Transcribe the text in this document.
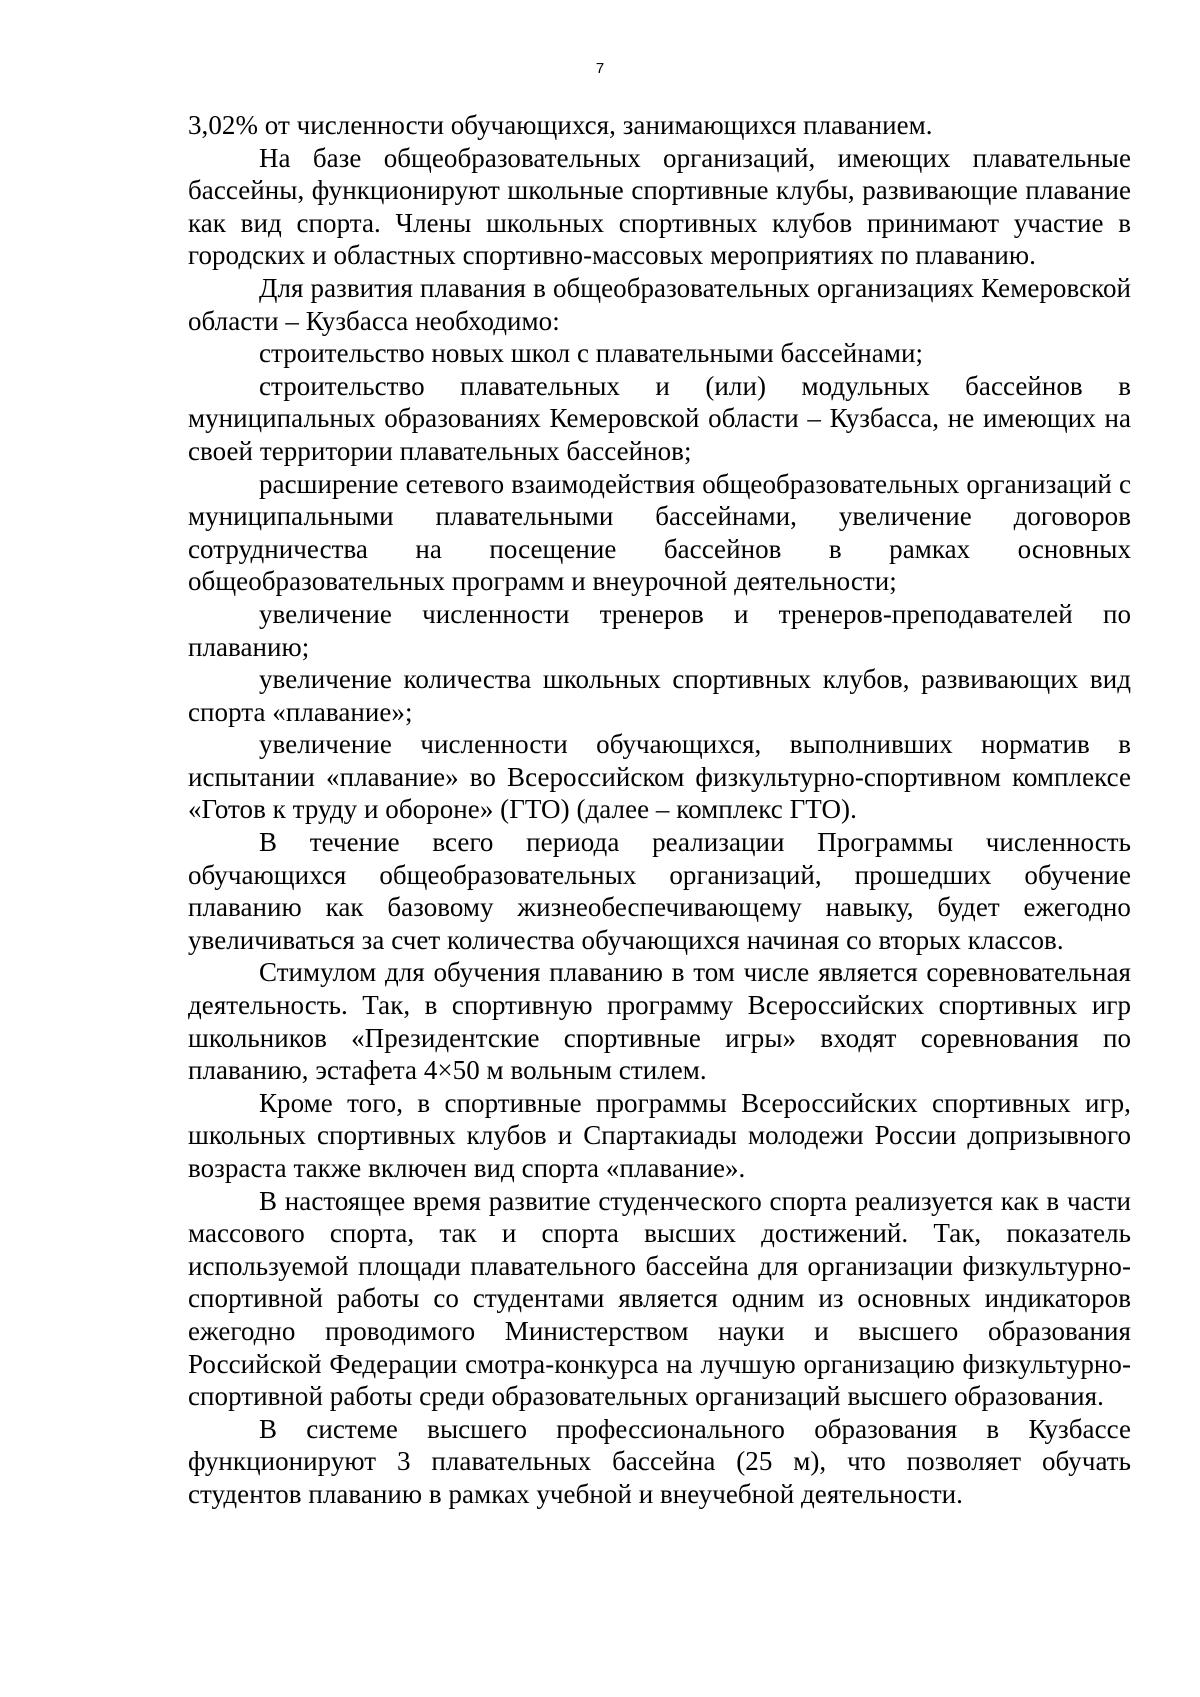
7

3,02% от численности обучающихся, занимающихся плаванием.

На базе общеобразовательных организаций, имеющих плавательные бассейны, функционируют школьные спортивные клубы, развивающие плавание как вид спорта. Члены школьных спортивных клубов принимают участие в городских и областных спортивно-массовых мероприятиях по плаванию.

Для развития плавания в общеобразовательных организациях Кемеровской области – Кузбасса необходимо:

строительство новых школ с плавательными бассейнами;

строительство плавательных и (или) модульных бассейнов в муниципальных образованиях Кемеровской области – Кузбасса, не имеющих на своей территории плавательных бассейнов;

расширение сетевого взаимодействия общеобразовательных организаций с муниципальными плавательными бассейнами, увеличение договоров сотрудничества на посещение бассейнов в рамках основных общеобразовательных программ и внеурочной деятельности;

увеличение численности тренеров и тренеров-преподавателей по плаванию;

увеличение количества школьных спортивных клубов, развивающих вид спорта «плавание»;

увеличение численности обучающихся, выполнивших норматив в испытании «плавание» во Всероссийском физкультурно-спортивном комплексе «Готов к труду и обороне» (ГТО) (далее – комплекс ГТО).

В течение всего периода реализации Программы численность обучающихся общеобразовательных организаций, прошедших обучение плаванию как базовому жизнеобеспечивающему навыку, будет ежегодно увеличиваться за счет количества обучающихся начиная со вторых классов.

Стимулом для обучения плаванию в том числе является соревновательная деятельность. Так, в спортивную программу Всероссийских спортивных игр школьников «Президентские спортивные игры» входят соревнования по плаванию, эстафета 4×50 м вольным стилем.

Кроме того, в спортивные программы Всероссийских спортивных игр, школьных спортивных клубов и Спартакиады молодежи России допризывного возраста также включен вид спорта «плавание».

В настоящее время развитие студенческого спорта реализуется как в части массового спорта, так и спорта высших достижений. Так, показатель используемой площади плавательного бассейна для организации физкультурно-спортивной работы со студентами является одним из основных индикаторов ежегодно проводимого Министерством науки и высшего образования Российской Федерации смотра-конкурса на лучшую организацию физкультурно-спортивной работы среди образовательных организаций высшего образования.

В системе высшего профессионального образования в Кузбассе функционируют 3 плавательных бассейна (25 м), что позволяет обучать студентов плаванию в рамках учебной и внеучебной деятельности.
